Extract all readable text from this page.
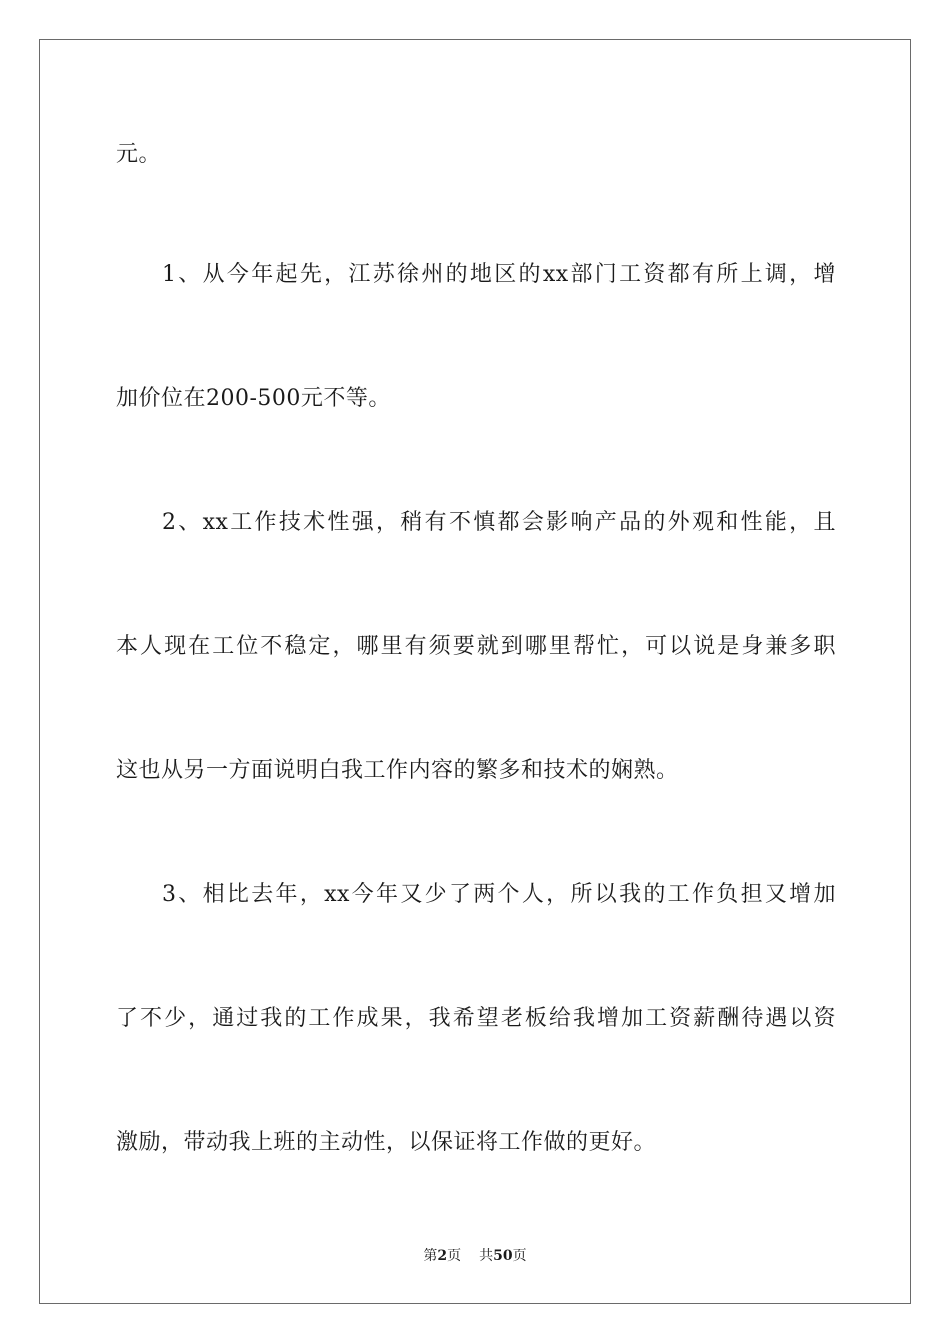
元。
1、从今年起先，江苏徐州的地区的xx部门工资都有所上调，增
加价位在200-500元不等。
2、xx工作技术性强，稍有不慎都会影响产品的外观和性能，且
本人现在工位不稳定，哪里有须要就到哪里帮忙，可以说是身兼多职
这也从另一方面说明白我工作内容的繁多和技术的娴熟。
3、相比去年，xx今年又少了两个人，所以我的工作负担又增加
了不少，通过我的工作成果，我希望老板给我增加工资薪酬待遇以资
激励，带动我上班的主动性，以保证将工作做的更好。
第2页 共50页
